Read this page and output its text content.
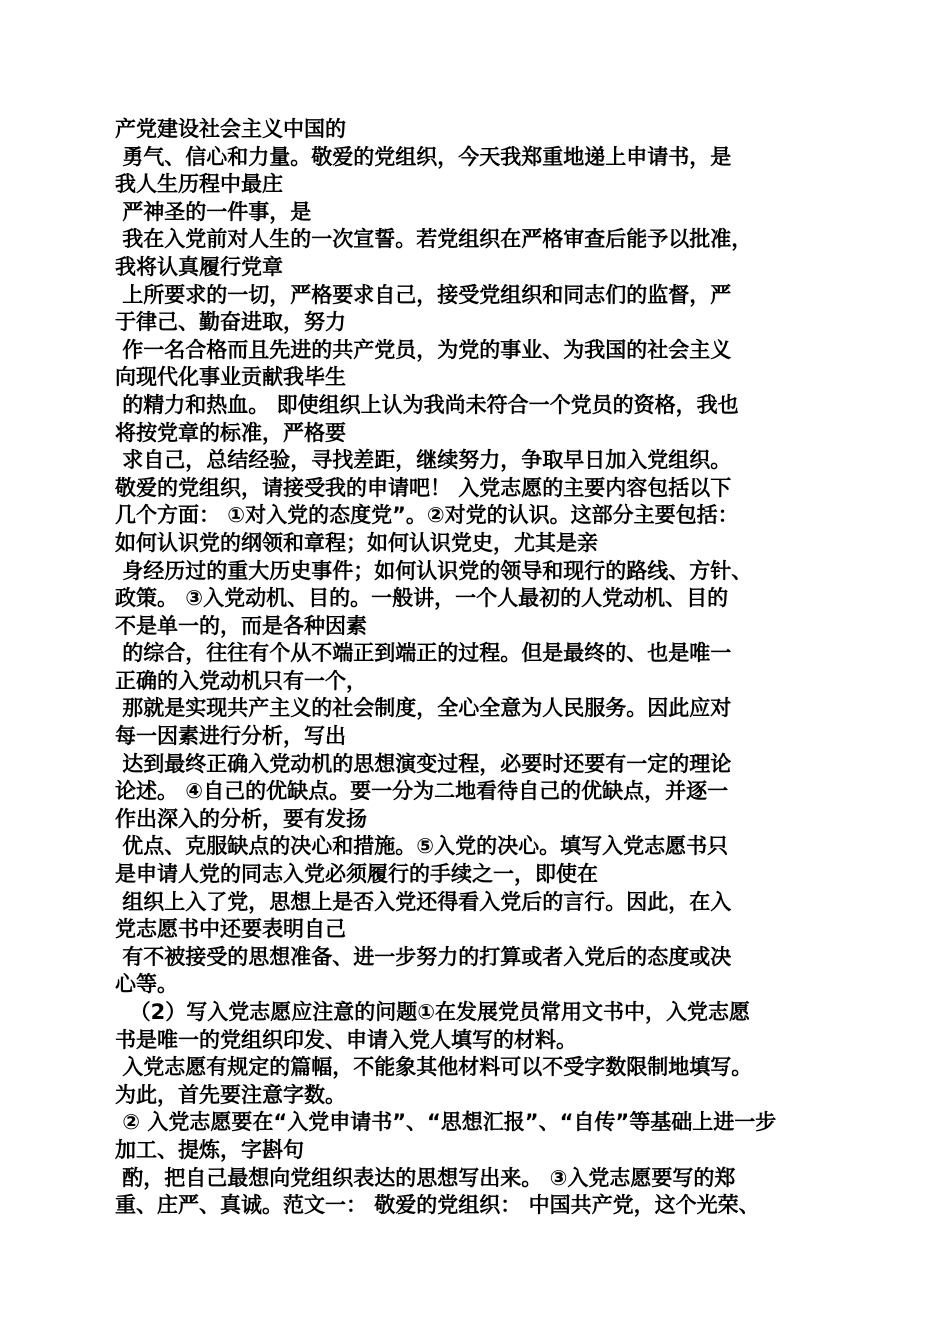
产党建设社会主义中国的
勇气、信心和力量。敬爱的党组织，今天我郑重地递上申请书，是
我人生历程中最庄
严神圣的一件事，是
我在入党前对人生的一次宣誓。若党组织在严格审查后能予以批准，
我将认真履行党章
上所要求的一切，严格要求自己，接受党组织和同志们的监督，严
于律己、勤奋进取，努力
作一名合格而且先进的共产党员，为党的事业、为我国的社会主义
向现代化事业贡献我毕生
的精力和热血。 即使组织上认为我尚未符合一个党员的资格，我也
将按党章的标准，严格要
求自己，总结经验，寻找差距，继续努力，争取早日加入党组织。
敬爱的党组织，请接受我的申请吧！ 入党志愿的主要内容包括以下
几个方面： ①对入党的态度党”。②对党的认识。这部分主要包括：
如何认识党的纲领和章程；如何认识党史，尤其是亲
身经历过的重大历史事件；如何认识党的领导和现行的路线、方针、
政策。 ③入党动机、目的。一般讲，一个人最初的人党动机、目的
不是单一的，而是各种因素
的综合，往往有个从不端正到端正的过程。但是最终的、也是唯一
正确的入党动机只有一个，
那就是实现共产主义的社会制度，全心全意为人民服务。因此应对
每一因素进行分析，写出
达到最终正确入党动机的思想演变过程，必要时还要有一定的理论
论述。 ④自己的优缺点。要一分为二地看待自己的优缺点，并逐一
作出深入的分析，要有发扬
优点、克服缺点的决心和措施。⑤入党的决心。填写入党志愿书只
是申请人党的同志入党必须履行的手续之一，即使在
组织上入了党，思想上是否入党还得看入党后的言行。因此，在入
党志愿书中还要表明自己
有不被接受的思想准备、进一步努力的打算或者入党后的态度或决
心等。
（2）写入党志愿应注意的问题①在发展党员常用文书中，入党志愿
书是唯一的党组织印发、申请入党人填写的材料。
入党志愿有规定的篇幅，不能象其他材料可以不受字数限制地填写。
为此，首先要注意字数。
② 入党志愿要在“入党申请书”、“思想汇报”、“自传”等基础上进一步
加工、提炼，字斟句
酌，把自己最想向党组织表达的思想写出来。 ③入党志愿要写的郑
重、庄严、真诚。范文一： 敬爱的党组织： 中国共产党，这个光荣、
